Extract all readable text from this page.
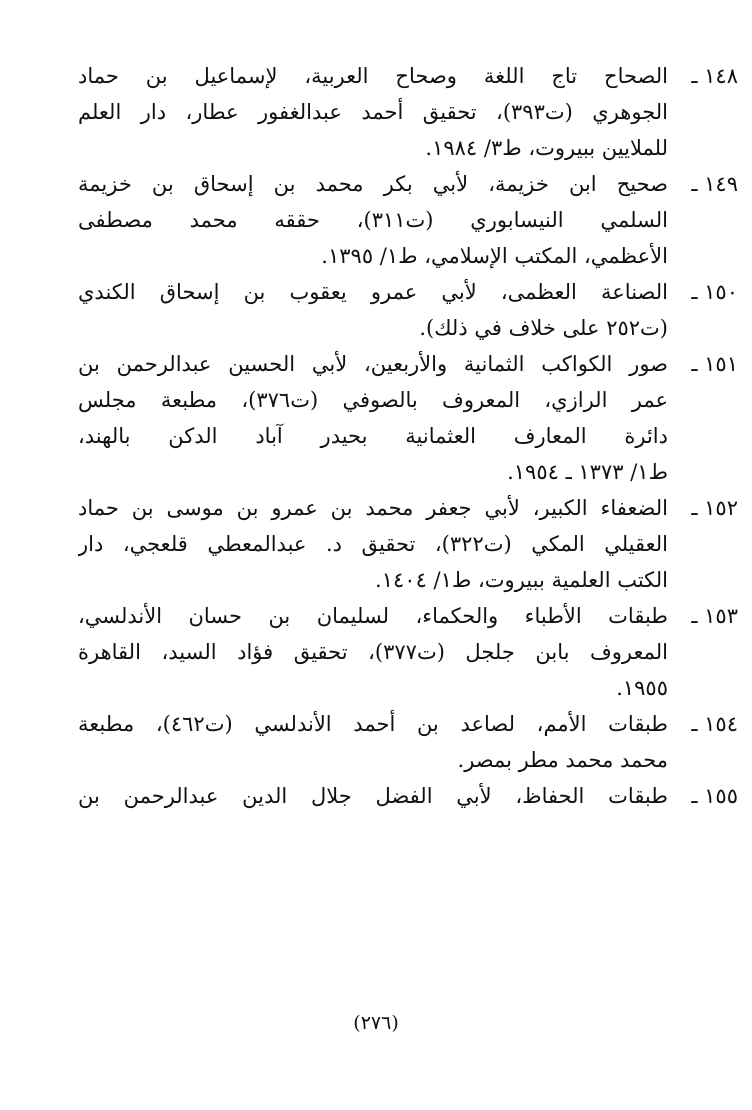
١٤٨ ـ
الصحاح تاج اللغة وصحاح العربية، لإسماعيل بن حماد
الجوهري (ت٣٩٣)، تحقيق أحمد عبدالغفور عطار، دار العلم
للملايين ببيروت، ط٣/ ١٩٨٤.
١٤٩ ـ
صحيح ابن خزيمة، لأبي بكر محمد بن إسحاق بن خزيمة
السلمي النيسابوري (ت٣١١)، حققه محمد مصطفى
الأعظمي، المكتب الإسلامي، ط١/ ١٣٩٥.
١٥٠ ـ
الصناعة العظمى، لأبي عمرو يعقوب بن إسحاق الكندي
(ت٢٥٢ على خلاف في ذلك).
١٥١ ـ
صور الكواكب الثمانية والأربعين، لأبي الحسين عبدالرحمن بن
عمر الرازي، المعروف بالصوفي (ت٣٧٦)، مطبعة مجلس
دائرة المعارف العثمانية بحيدر آباد الدكن بالهند،
ط١/ ١٣٧٣ ـ ١٩٥٤.
١٥٢ ـ
الضعفاء الكبير، لأبي جعفر محمد بن عمرو بن موسى بن حماد
العقيلي المكي (ت٣٢٢)، تحقيق د. عبدالمعطي قلعجي، دار
الكتب العلمية ببيروت، ط١/ ١٤٠٤.
١٥٣ ـ
طبقات الأطباء والحكماء، لسليمان بن حسان الأندلسي،
المعروف بابن جلجل (ت٣٧٧)، تحقيق فؤاد السيد، القاهرة
١٩٥٥.
١٥٤ ـ
طبقات الأمم، لصاعد بن أحمد الأندلسي (ت٤٦٢)، مطبعة
محمد محمد مطر بمصر.
١٥٥ ـ
طبقات الحفاظ، لأبي الفضل جلال الدين عبدالرحمن بن
(٢٧٦)
